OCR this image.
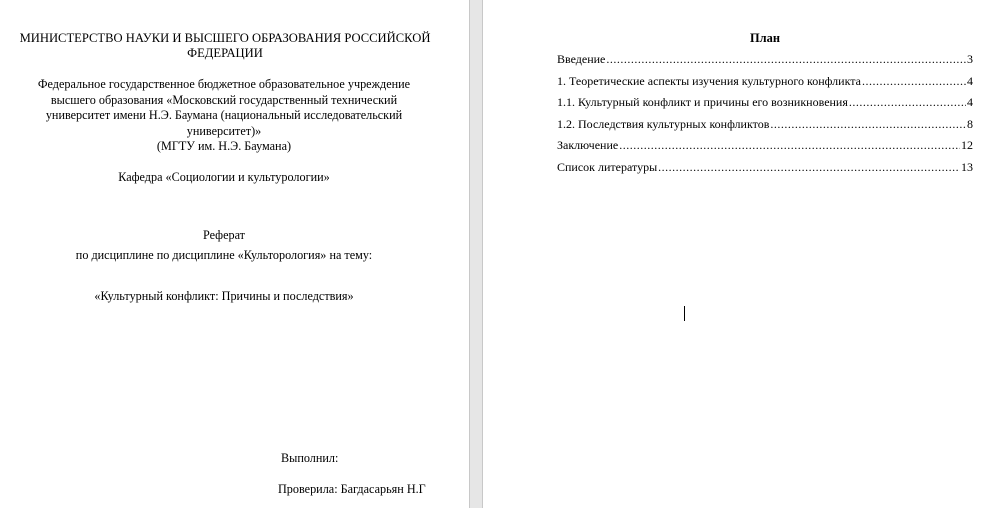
МИНИСТЕРСТВО НАУКИ И ВЫСШЕГО ОБРАЗОВАНИЯ РОССИЙСКОЙ ФЕДЕРАЦИИ
Федеральное государственное бюджетное образовательное учреждение
высшего образования «Московский государственный технический
университет имени Н.Э. Баумана (национальный исследовательский
университет)»
(МГТУ им. Н.Э. Баумана)
Кафедра «Социологии и культурологии»
Реферат
по дисциплине по дисциплине «Культорология» на тему:
«Культурный конфликт: Причины и последствия»
Выполнил:
Проверила: Багдасарьян Н.Г
План
Введение .....	3
1. Теоретические аспекты изучения культурного конфликта .....	4
1.1. Культурный конфликт и причины его возникновения .....	4
1.2. Последствия культурных конфликтов .....	8
Заключение .....	12
Список литературы .....	13
